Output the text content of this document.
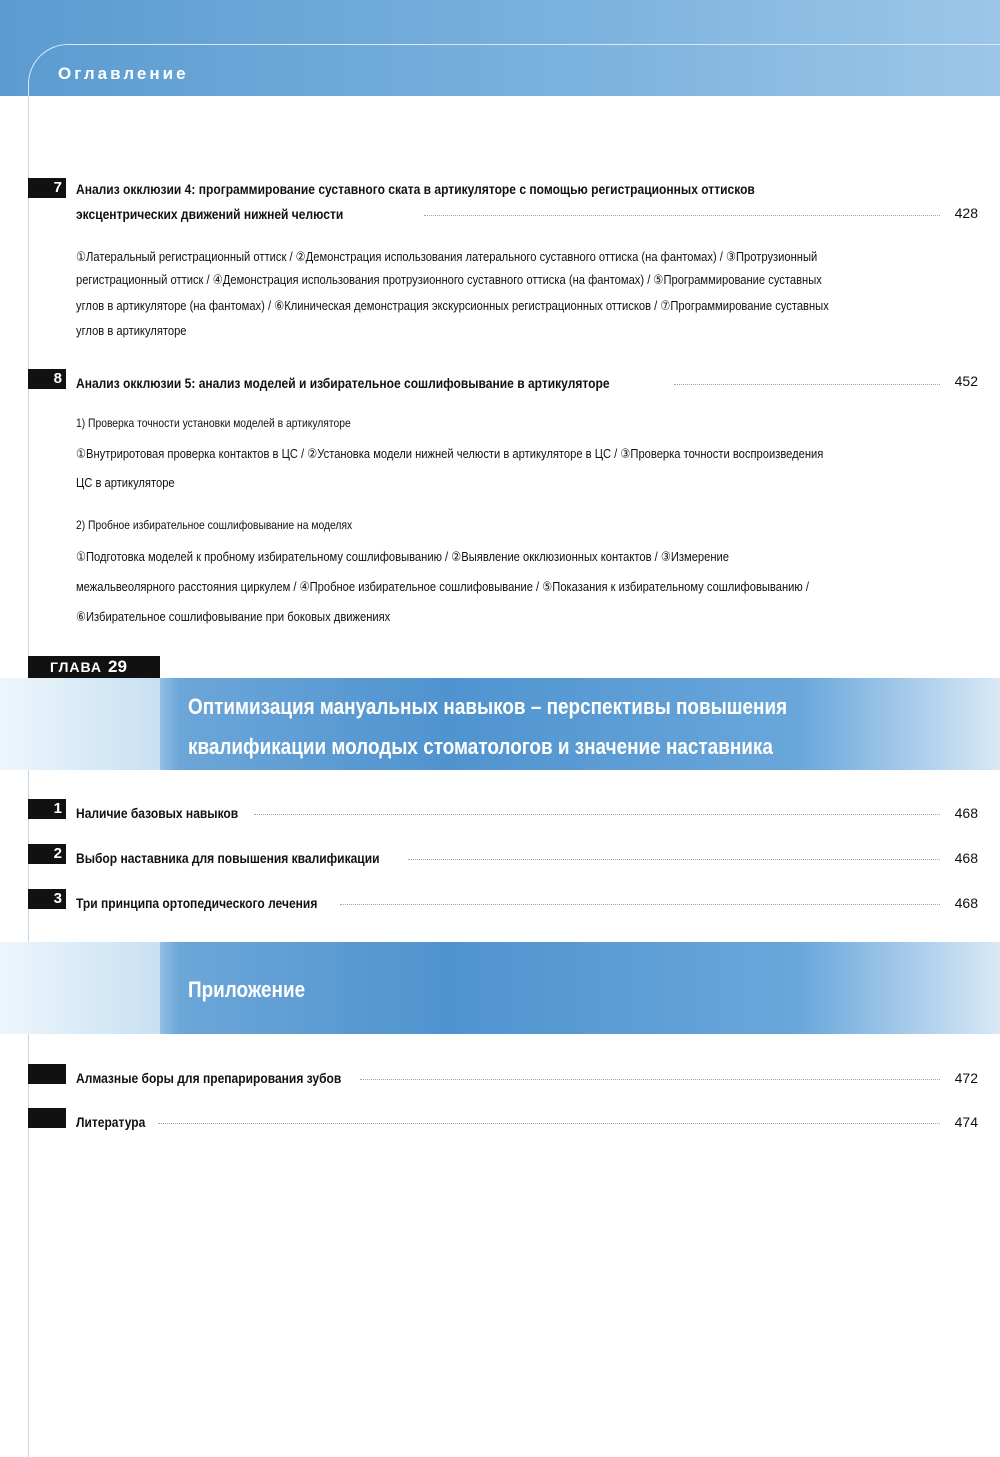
Оглавление
7 Анализ окклюзии 4: программирование суставного ската в артикуляторе с помощью регистрационных оттисков
эксцентрических движений нижней челюсти	428
①Латеральный регистрационный оттиск / ②Демонстрация использования латерального суставного оттиска (на фантомах) / ③Протрузионный
регистрационный оттиск / ④Демонстрация использования протрузионного суставного оттиска (на фантомах) / ⑤Программирование суставных
углов в артикуляторе (на фантомах) / ⑥Клиническая демонстрация экскурсионных регистрационных оттисков / ⑦Программирование суставных
углов в артикуляторе
8 Анализ окклюзии 5: анализ моделей и избирательное сошлифовывание в артикуляторе	452
1) Проверка точности установки моделей в артикуляторе
①Внутриротовая проверка контактов в ЦС / ②Установка модели нижней челюсти в артикуляторе в ЦС / ③Проверка точности воспроизведения
ЦС в артикуляторе
2) Пробное избирательное сошлифовывание на моделях
①Подготовка моделей к пробному избирательному сошлифовыванию / ②Выявление окклюзионных контактов / ③Измерение
межальвеолярного расстояния циркулем / ④Пробное избирательное сошлифовывание / ⑤Показания к избирательному сошлифовыванию /
⑥Избирательное сошлифовывание при боковых движениях
ГЛАВА 29
Оптимизация мануальных навыков – перспективы повышения
квалификации молодых стоматологов и значение наставника
1 Наличие базовых навыков	468
2 Выбор наставника для повышения квалификации	468
3 Три принципа ортопедического лечения	468
Приложение
Алмазные боры для препарирования зубов	472
Литература	474
